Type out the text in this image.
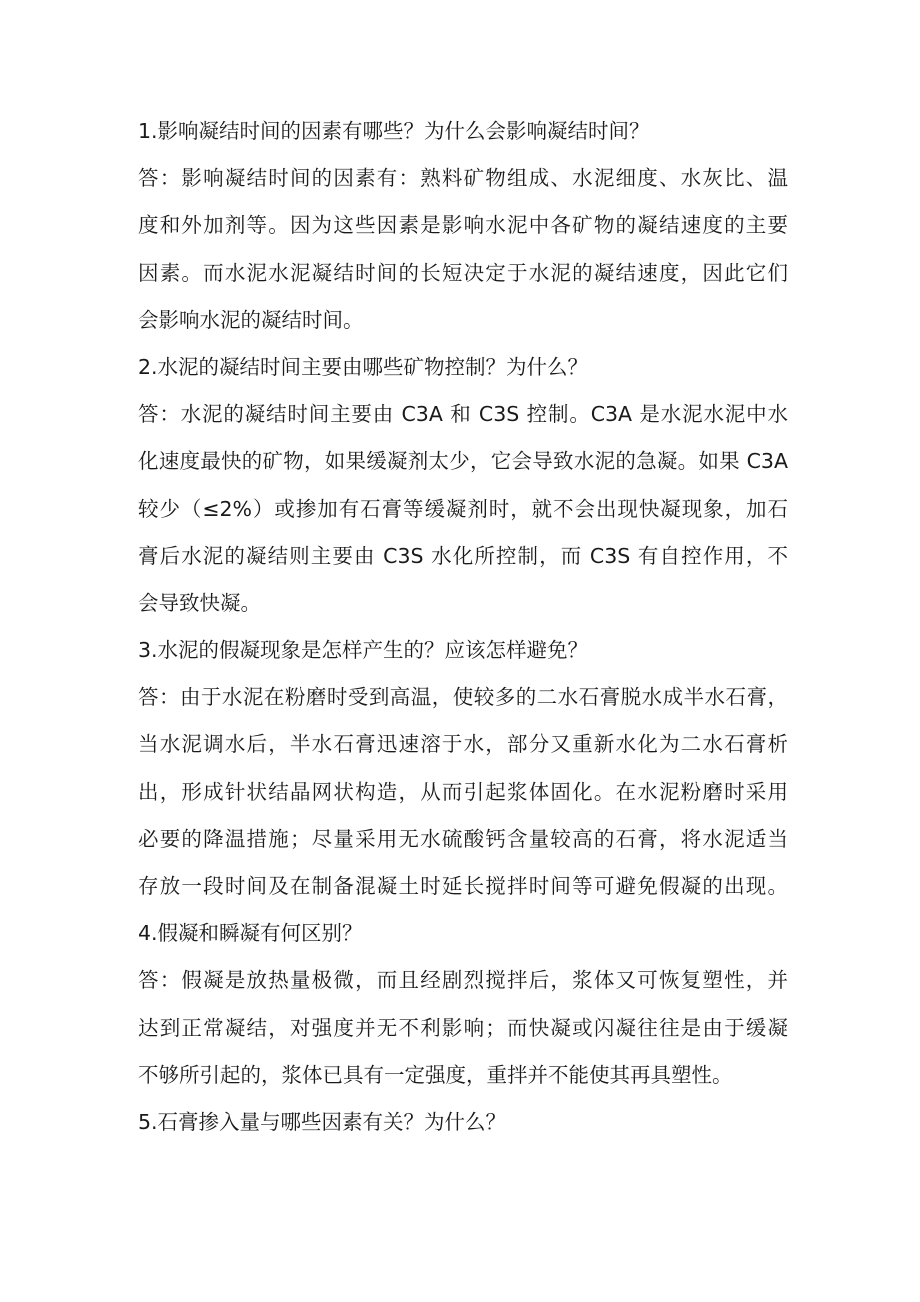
1.影响凝结时间的因素有哪些？为什么会影响凝结时间？
答：影响凝结时间的因素有：熟料矿物组成、水泥细度、水灰比、温
度和外加剂等。因为这些因素是影响水泥中各矿物的凝结速度的主要
因素。而水泥水泥凝结时间的长短决定于水泥的凝结速度，因此它们
会影响水泥的凝结时间。
2.水泥的凝结时间主要由哪些矿物控制？为什么？
答：水泥的凝结时间主要由 C3A 和 C3S 控制。C3A 是水泥水泥中水
化速度最快的矿物，如果缓凝剂太少，它会导致水泥的急凝。如果 C3A
较少（≤2%）或掺加有石膏等缓凝剂时，就不会出现快凝现象，加石
膏后水泥的凝结则主要由 C3S 水化所控制，而 C3S 有自控作用，不
会导致快凝。
3.水泥的假凝现象是怎样产生的？应该怎样避免？
答：由于水泥在粉磨时受到高温，使较多的二水石膏脱水成半水石膏，
当水泥调水后，半水石膏迅速溶于水，部分又重新水化为二水石膏析
出，形成针状结晶网状构造，从而引起浆体固化。在水泥粉磨时采用
必要的降温措施；尽量采用无水硫酸钙含量较高的石膏，将水泥适当
存放一段时间及在制备混凝土时延长搅拌时间等可避免假凝的出现。
4.假凝和瞬凝有何区别？
答：假凝是放热量极微，而且经剧烈搅拌后，浆体又可恢复塑性，并
达到正常凝结，对强度并无不利影响；而快凝或闪凝往往是由于缓凝
不够所引起的，浆体已具有一定强度，重拌并不能使其再具塑性。
5.石膏掺入量与哪些因素有关？为什么？
